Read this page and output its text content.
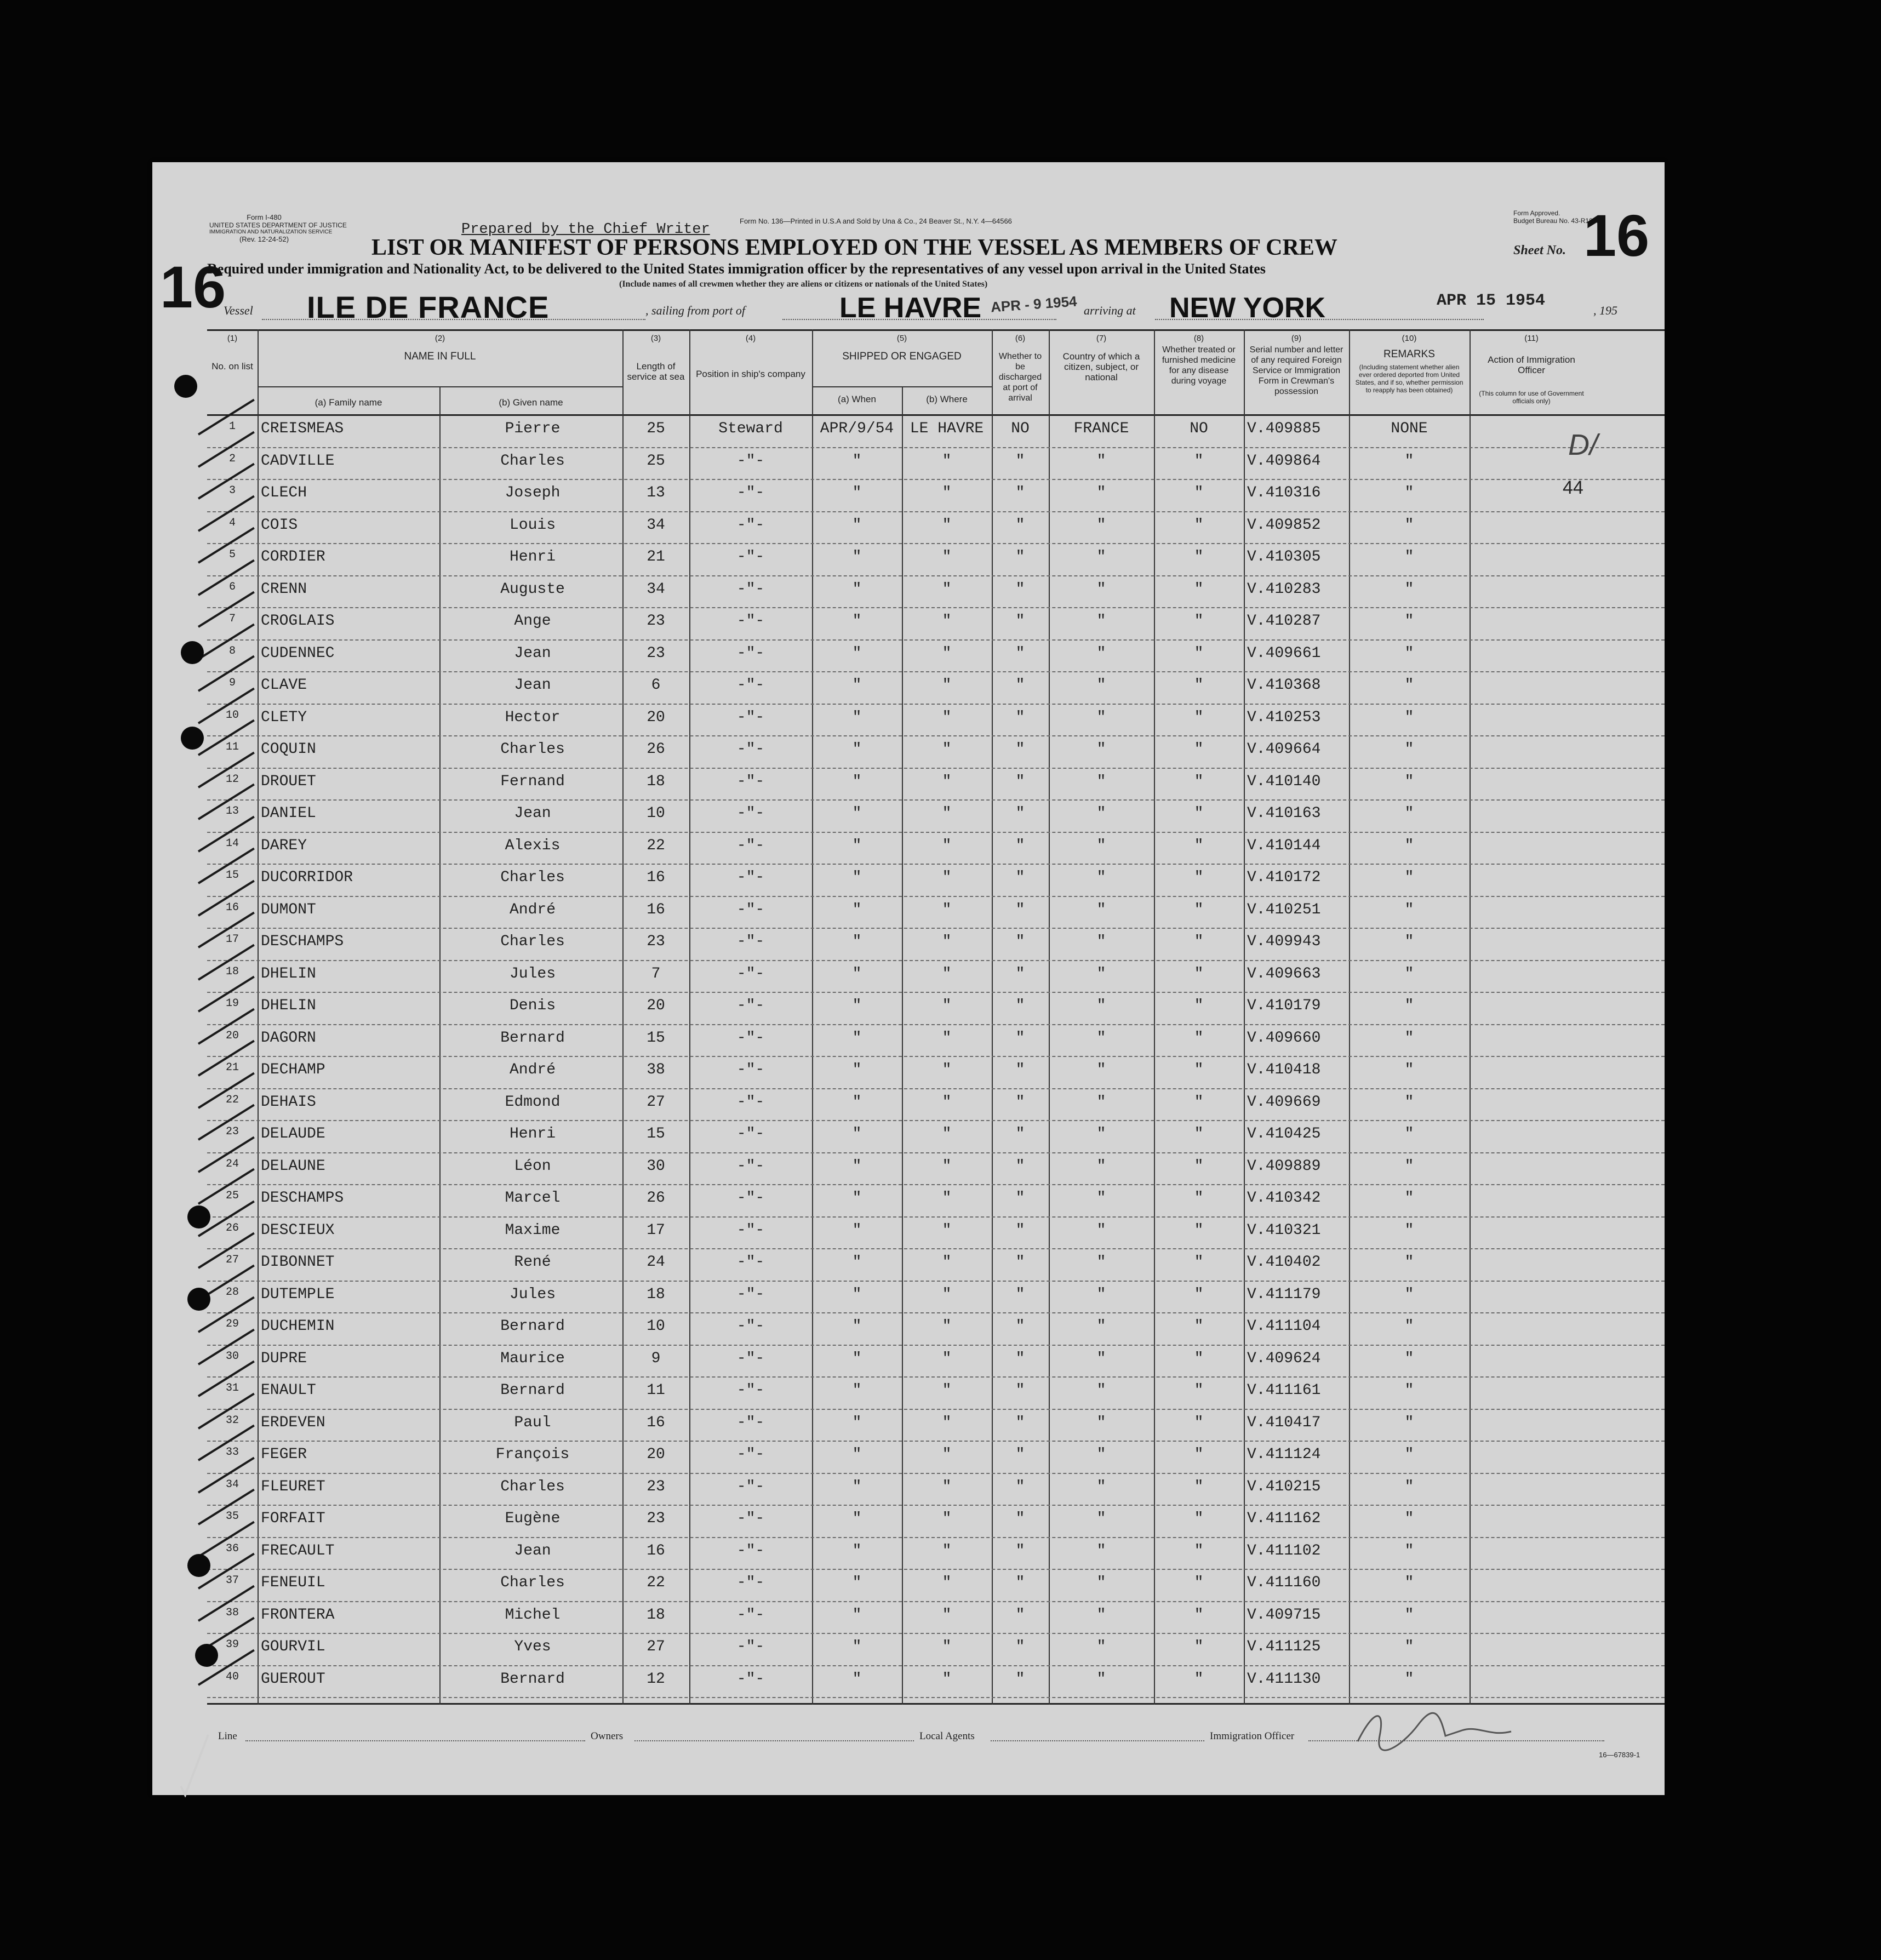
Form I-480
UNITED STATES DEPARTMENT OF JUSTICE
IMMIGRATION AND NATURALIZATION SERVICE
(Rev. 12-24-52)
Prepared by the Chief Writer
Form No. 136—Printed in U.S.A and Sold by Una & Co., 24 Beaver St., N.Y. 4—64566
Form Approved.
Budget Bureau No. 43-R183.5.
LIST OR MANIFEST OF PERSONS EMPLOYED ON THE VESSEL AS MEMBERS OF CREW
Required under immigration and Nationality Act, to be delivered to the United States immigration officer by the representatives of any vessel upon arrival in the United States
(Include names of all crewmen whether they are aliens or citizens or nationals of the United States)
Sheet No. 16
16
Vessel ILE DE FRANCE	, sailing from port of	LE HAVRE APR - 9 1954 arriving at NEW YORK	APR 15 1954
, 195
(1)
No. on list
(2)
NAME IN FULL
(a) Family name	(b) Given name
(3)
Length of service at sea
(4)
Position in ship's company
(5)
SHIPPED OR ENGAGED
(a) When	(b) Where
(6)
Whether to be discharged at port of arrival
(7)
Country of which a citizen, subject, or national
(8)
Whether treated or furnished medicine for any disease during voyage
(9)
Serial number and letter of any required Foreign Service or Immigration Form in Crewman's possession
(10)
REMARKS
(Including statement whether alien ever ordered deported from United States, and if so, whether permission to reapply has been obtained)
(11)
Action of Immigration Officer
(This column for use of Government officials only)
1	CREISMEAS	Pierre	25	Steward	APR/9/54	LE HAVRE	NO	FRANCE	NO	V.409885	NONE
2	CADVILLE	Charles	25	-"-	"	"	"	"	"	V.409864	"
3	CLECH	Joseph	13	-"-	"	"	"	"	"	V.410316	"
4	COIS	Louis	34	-"-	"	"	"	"	"	V.409852	"
5	CORDIER	Henri	21	-"-	"	"	"	"	"	V.410305	"
6	CRENN	Auguste	34	-"-	"	"	"	"	"	V.410283	"
7	CROGLAIS	Ange	23	-"-	"	"	"	"	"	V.410287	"
8	CUDENNEC	Jean	23	-"-	"	"	"	"	"	V.409661	"
9	CLAVE	Jean	6	-"-	"	"	"	"	"	V.410368	"
10	CLETY	Hector	20	-"-	"	"	"	"	"	V.410253	"
11	COQUIN	Charles	26	-"-	"	"	"	"	"	V.409664	"
12	DROUET	Fernand	18	-"-	"	"	"	"	"	V.410140	"
13	DANIEL	Jean	10	-"-	"	"	"	"	"	V.410163	"
14	DAREY	Alexis	22	-"-	"	"	"	"	"	V.410144	"
15	DUCORRIDOR	Charles	16	-"-	"	"	"	"	"	V.410172	"
16	DUMONT	André	16	-"-	"	"	"	"	"	V.410251	"
17	DESCHAMPS	Charles	23	-"-	"	"	"	"	"	V.409943	"
18	DHELIN	Jules	7	-"-	"	"	"	"	"	V.409663	"
19	DHELIN	Denis	20	-"-	"	"	"	"	"	V.410179	"
20	DAGORN	Bernard	15	-"-	"	"	"	"	"	V.409660	"
21	DECHAMP	André	38	-"-	"	"	"	"	"	V.410418	"
22	DEHAIS	Edmond	27	-"-	"	"	"	"	"	V.409669	"
23	DELAUDE	Henri	15	-"-	"	"	"	"	"	V.410425	"
24	DELAUNE	Léon	30	-"-	"	"	"	"	"	V.409889	"
25	DESCHAMPS	Marcel	26	-"-	"	"	"	"	"	V.410342	"
26	DESCIEUX	Maxime	17	-"-	"	"	"	"	"	V.410321	"
27	DIBONNET	René	24	-"-	"	"	"	"	"	V.410402	"
28	DUTEMPLE	Jules	18	-"-	"	"	"	"	"	V.411179	"
29	DUCHEMIN	Bernard	10	-"-	"	"	"	"	"	V.411104	"
30	DUPRE	Maurice	9	-"-	"	"	"	"	"	V.409624	"
31	ENAULT	Bernard	11	-"-	"	"	"	"	"	V.411161	"
32	ERDEVEN	Paul	16	-"-	"	"	"	"	"	V.410417	"
33	FEGER	François	20	-"-	"	"	"	"	"	V.411124	"
34	FLEURET	Charles	23	-"-	"	"	"	"	"	V.410215	"
35	FORFAIT	Eugène	23	-"-	"	"	"	"	"	V.411162	"
36	FRECAULT	Jean	16	-"-	"	"	"	"	"	V.411102	"
37	FENEUIL	Charles	22	-"-	"	"	"	"	"	V.411160	"
38	FRONTERA	Michel	18	-"-	"	"	"	"	"	V.409715	"
39	GOURVIL	Yves	27	-"-	"	"	"	"	"	V.411125	"
40	GUEROUT	Bernard	12	-"-	"	"	"	"	"	V.411130	"
D/
44
Line	Owners	Local Agents	Immigration Officer
16—67839-1
